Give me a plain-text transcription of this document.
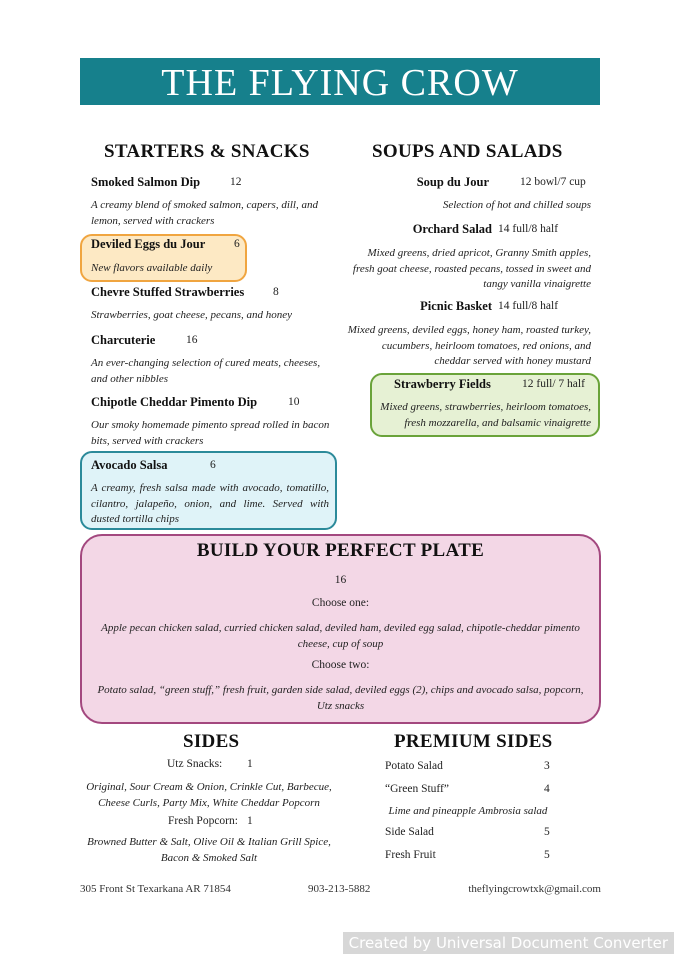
THE FLYING CROW
STARTERS & SNACKS
Smoked Salmon Dip	12
A creamy blend of smoked salmon, capers, dill, and lemon, served with crackers
Deviled Eggs du Jour 6
New flavors available daily
Chevre Stuffed Strawberries	8
Strawberries, goat cheese, pecans, and honey
Charcuterie	16
An ever-changing selection of cured meats, cheeses, and other nibbles
Chipotle Cheddar Pimento Dip	10
Our smoky homemade pimento spread rolled in bacon bits, served with crackers
Avocado Salsa	6
A creamy, fresh salsa made with avocado, tomatillo, cilantro, jalapeño, onion, and lime. Served with dusted tortilla chips
SOUPS AND SALADS
Soup du Jour	12 bowl/7 cup
Selection of hot and chilled soups
Orchard Salad 14 full/8 half
Mixed greens, dried apricot, Granny Smith apples, fresh goat cheese, roasted pecans, tossed in sweet and tangy vanilla vinaigrette
Picnic Basket 14 full/8 half
Mixed greens, deviled eggs, honey ham, roasted turkey, cucumbers, heirloom tomatoes, red onions, and cheddar served with honey mustard
Strawberry Fields	12 full/ 7 half
Mixed greens, strawberries, heirloom tomatoes, fresh mozzarella, and balsamic vinaigrette
BUILD YOUR PERFECT PLATE
16
Choose one:
Apple pecan chicken salad, curried chicken salad, deviled ham, deviled egg salad, chipotle-cheddar pimento cheese, cup of soup
Choose two:
Potato salad, “green stuff,” fresh fruit, garden side salad, deviled eggs (2), chips and avocado salsa, popcorn, Utz snacks
SIDES
Utz Snacks: 1
Original, Sour Cream & Onion, Crinkle Cut, Barbecue, Cheese Curls, Party Mix, White Cheddar Popcorn
Fresh Popcorn: 1
Browned Butter & Salt, Olive Oil & Italian Grill Spice, Bacon & Smoked Salt
PREMIUM SIDES
Potato Salad	3
“Green Stuff”	4
Lime and pineapple Ambrosia salad
Side Salad	5
Fresh Fruit	5
305 Front St Texarkana AR 71854	903-213-5882	theflyingcrowtxk@gmail.com
Created by Universal Document Converter
